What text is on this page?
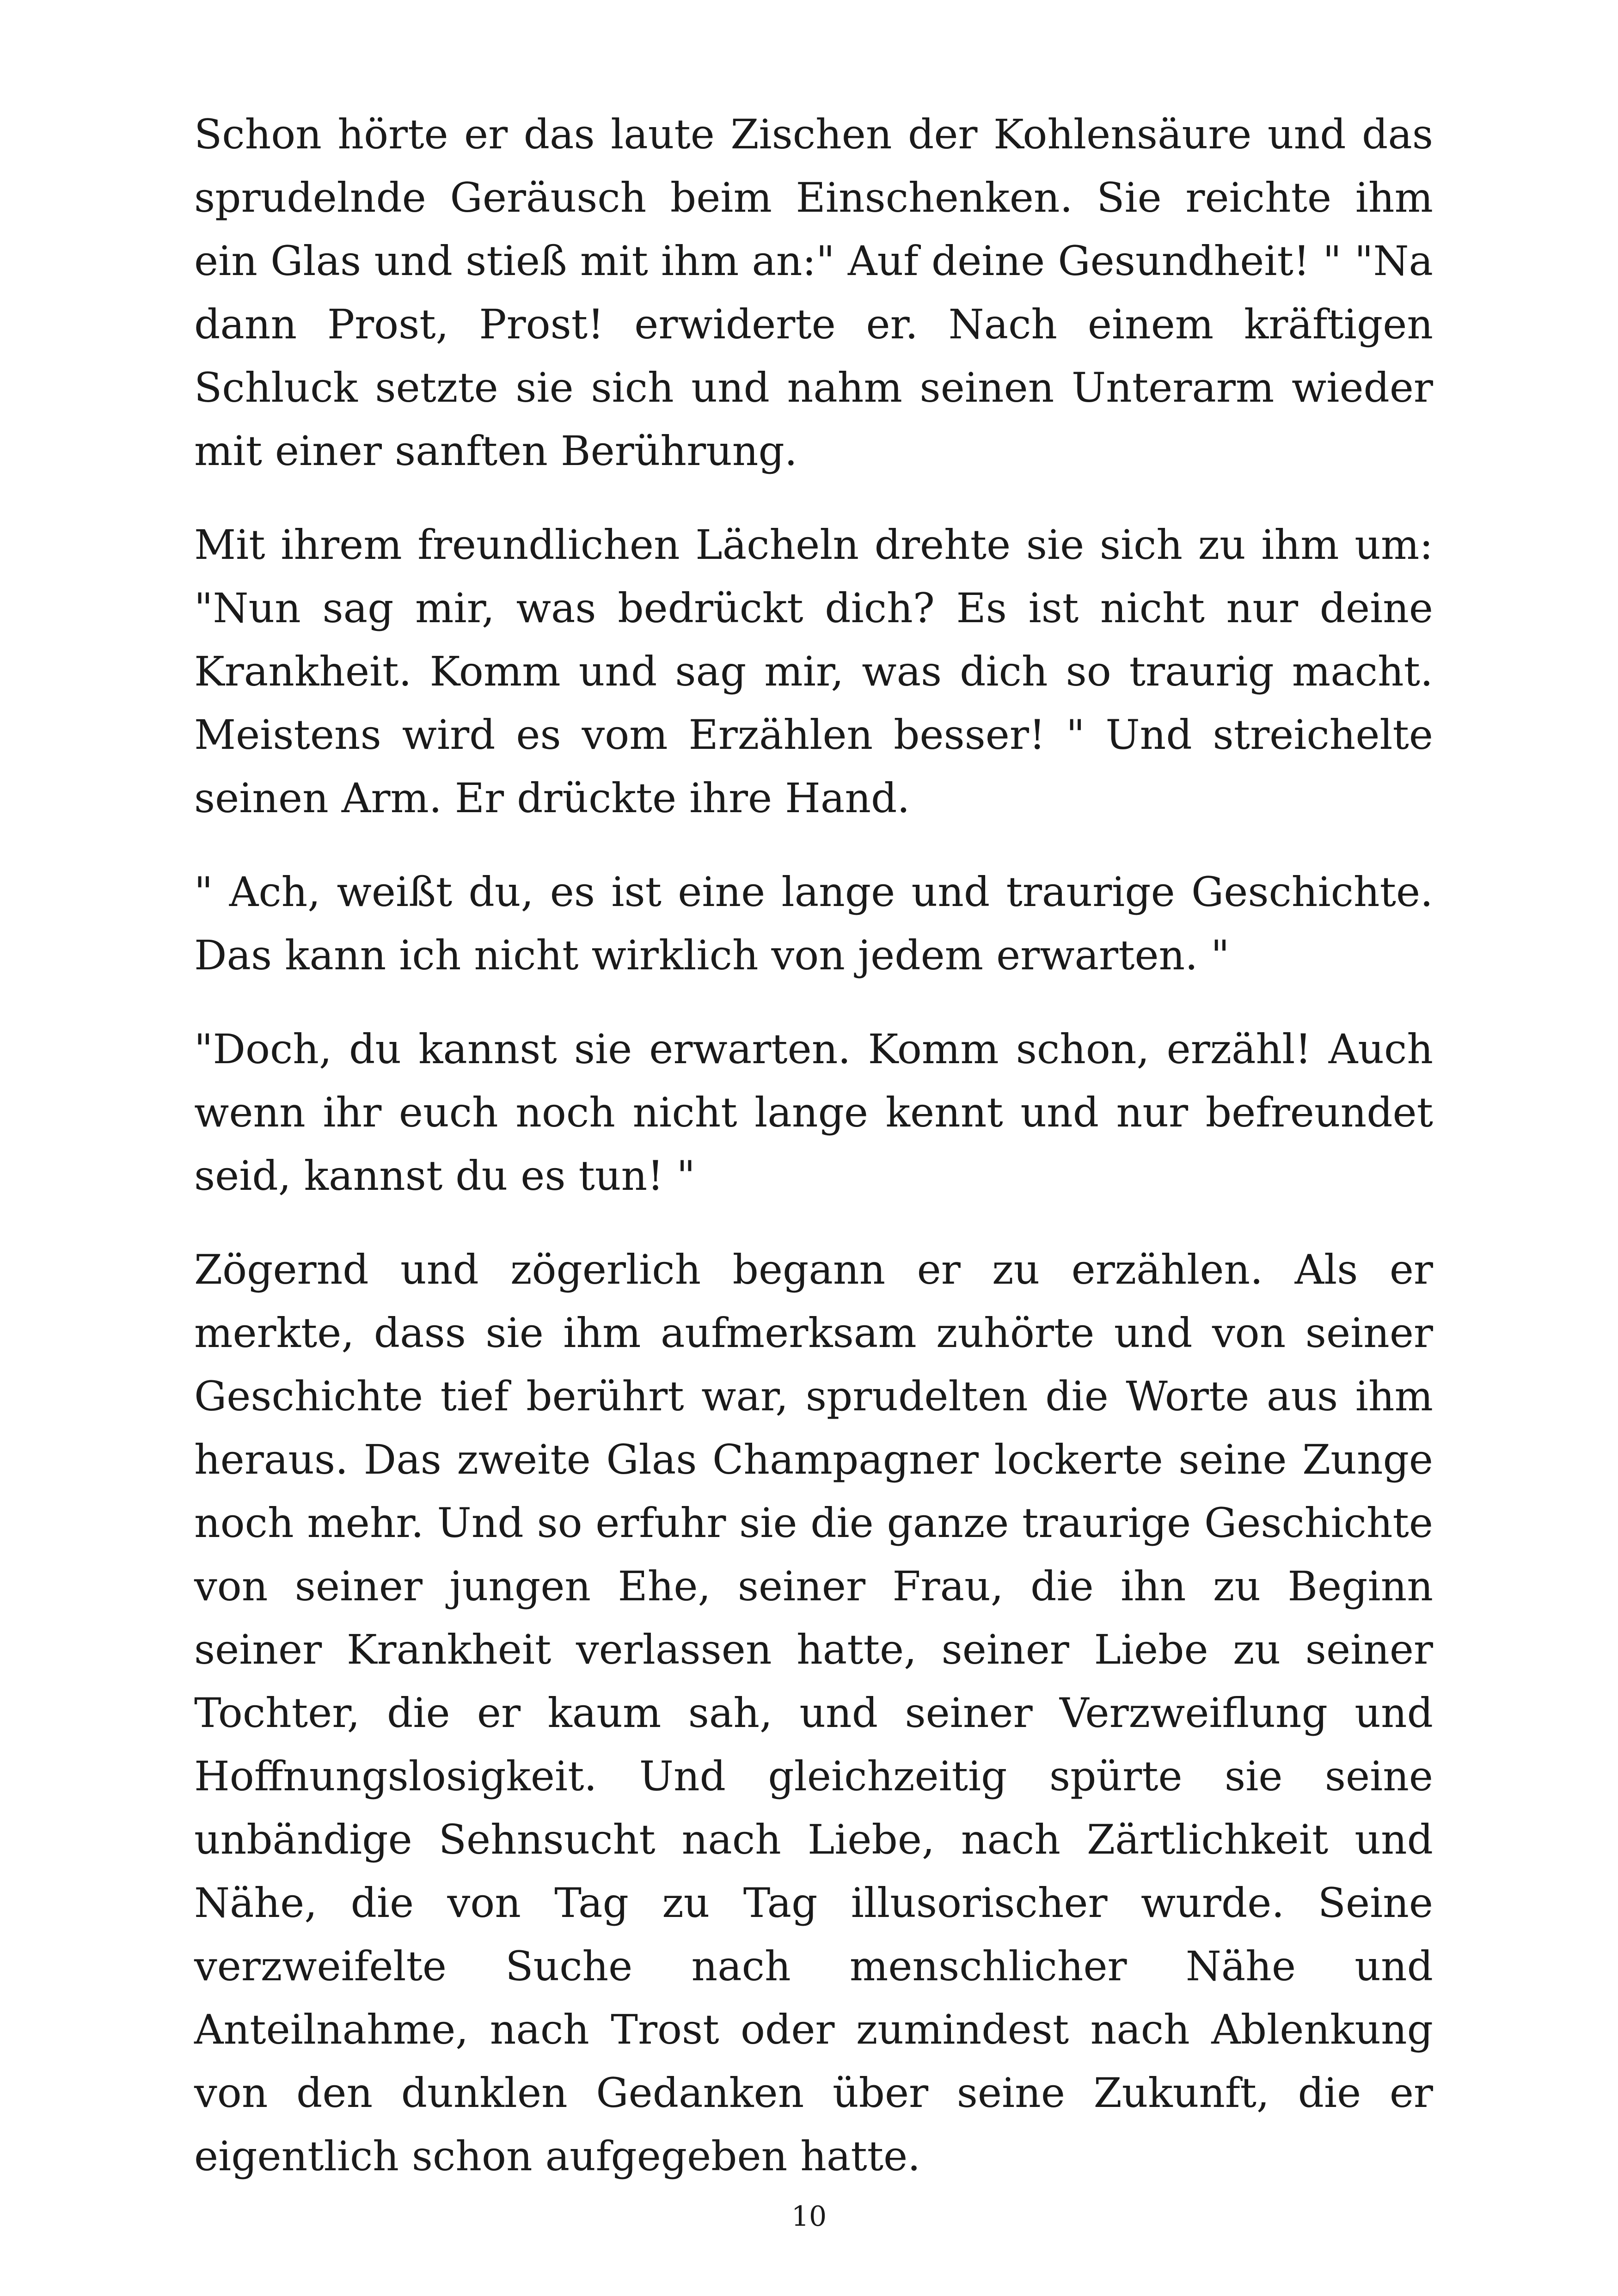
Schon hörte er das laute Zischen der Kohlensäure und das sprudelnde Geräusch beim Einschenken. Sie reichte ihm ein Glas und stieß mit ihm an:" Auf deine Gesundheit! " "Na dann Prost, Prost! erwiderte er. Nach einem kräftigen Schluck setzte sie sich und nahm seinen Unterarm wieder mit einer sanften Berührung.

Mit ihrem freundlichen Lächeln drehte sie sich zu ihm um: "Nun sag mir, was bedrückt dich? Es ist nicht nur deine Krankheit. Komm und sag mir, was dich so traurig macht. Meistens wird es vom Erzählen besser! " Und streichelte seinen Arm. Er drückte ihre Hand.

" Ach, weißt du, es ist eine lange und traurige Geschichte. Das kann ich nicht wirklich von jedem erwarten. "

"Doch, du kannst sie erwarten. Komm schon, erzähl! Auch wenn ihr euch noch nicht lange kennt und nur befreundet seid, kannst du es tun! "

Zögernd und zögerlich begann er zu erzählen. Als er merkte, dass sie ihm aufmerksam zuhörte und von seiner Geschichte tief berührt war, sprudelten die Worte aus ihm heraus. Das zweite Glas Champagner lockerte seine Zunge noch mehr. Und so erfuhr sie die ganze traurige Geschichte von seiner jungen Ehe, seiner Frau, die ihn zu Beginn seiner Krankheit verlassen hatte, seiner Liebe zu seiner Tochter, die er kaum sah, und seiner Verzweiflung und Hoffnungslosigkeit. Und gleichzeitig spürte sie seine unbändige Sehnsucht nach Liebe, nach Zärtlichkeit und Nähe, die von Tag zu Tag illusorischer wurde. Seine verzweifelte Suche nach menschlicher Nähe und Anteilnahme, nach Trost oder zumindest nach Ablenkung von den dunklen Gedanken über seine Zukunft, die er eigentlich schon aufgegeben hatte.

10
